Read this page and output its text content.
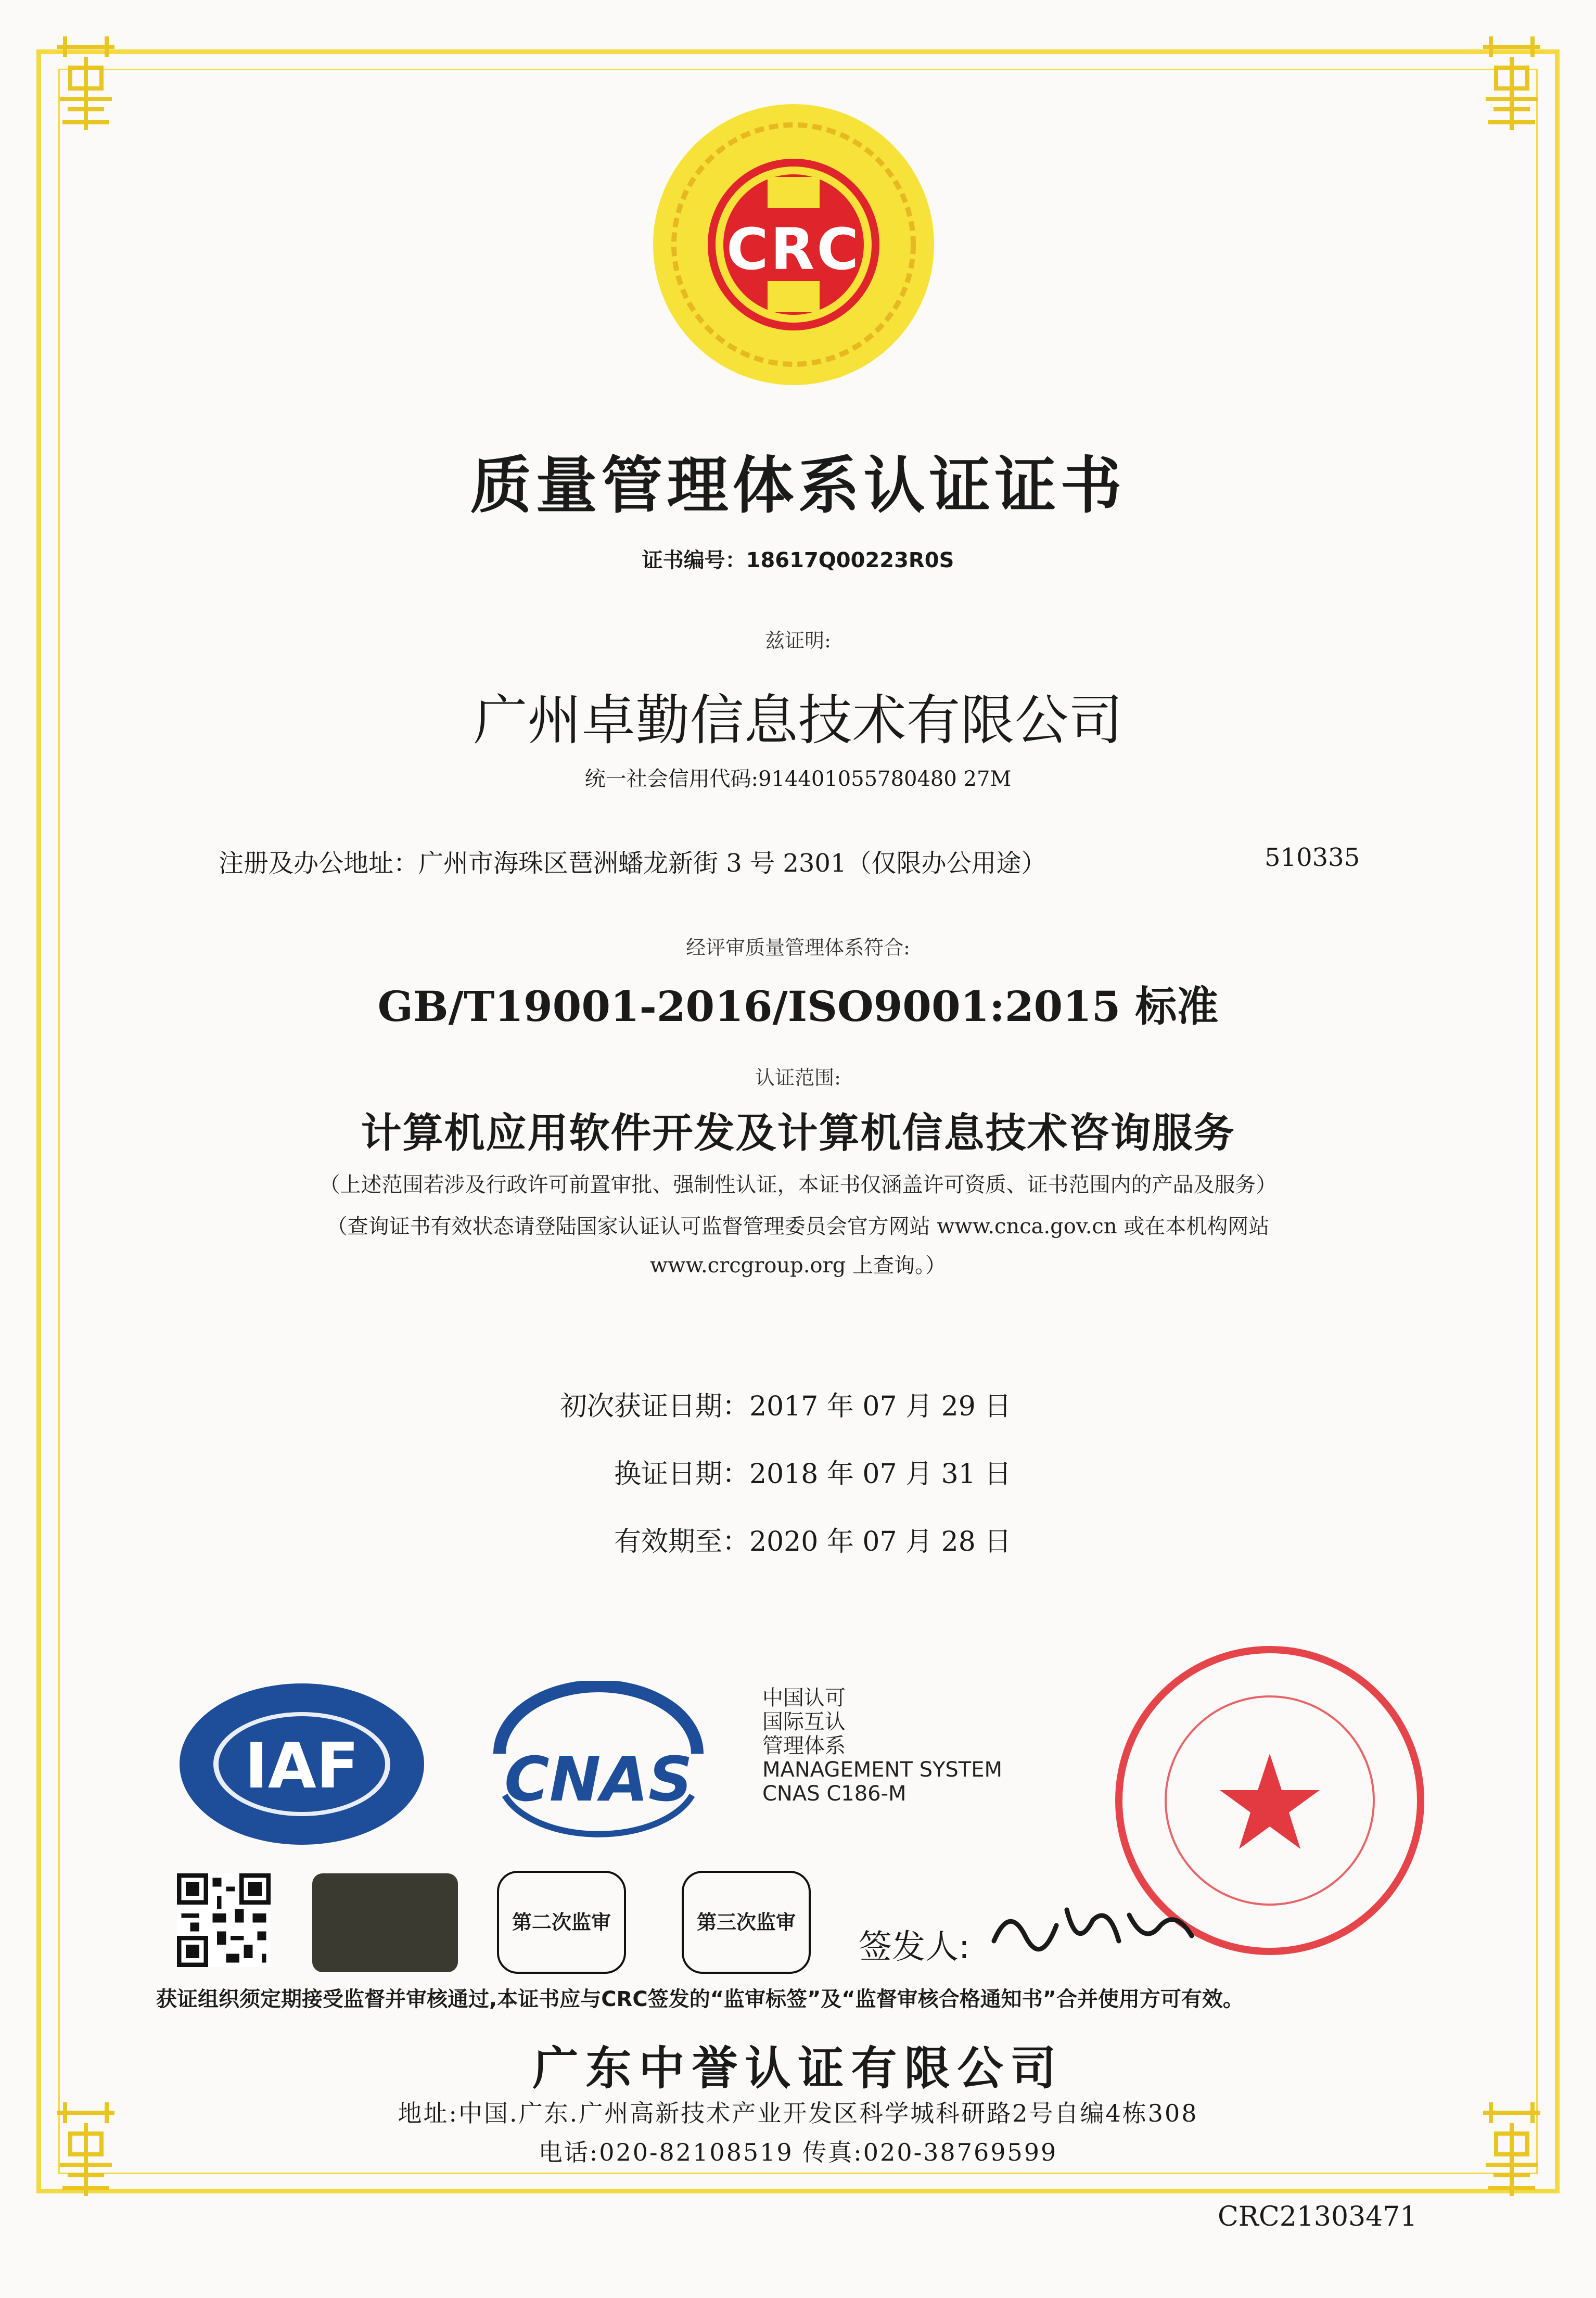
CRC
质量管理体系认证证书
证书编号：18617Q00223R0S
兹证明:
广州卓勤信息技术有限公司
统一社会信用代码:914401055780480 27M
注册及办公地址：广州市海珠区琶洲蟠龙新街 3 号 2301（仅限办公用途）	510335
经评审质量管理体系符合:
GB/T19001-2016/ISO9001:2015 标准
认证范围:
计算机应用软件开发及计算机信息技术咨询服务
（上述范围若涉及行政许可前置审批、强制性认证，本证书仅涵盖许可资质、证书范围内的产品及服务）
（查询证书有效状态请登陆国家认证认可监督管理委员会官方网站 www.cnca.gov.cn 或在本机构网站
www.crcgroup.org 上查询。）
初次获证日期：2017 年 07 月 29 日
换证日期：2018 年 07 月 31 日
有效期至：2020 年 07 月 28 日
IAF	CNAS
中国认可
国际互认
管理体系
MANAGEMENT SYSTEM
CNAS C186-M
第二次监审	第三次监审
签发人:
获证组织须定期接受监督并审核通过,本证书应与CRC签发的“监审标签”及“监督审核合格通知书”合并使用方可有效。
广东中誉认证有限公司
地址:中国.广东.广州高新技术产业开发区科学城科研路2号自编4栋308
电话:020-82108519 传真:020-38769599
CRC21303471
